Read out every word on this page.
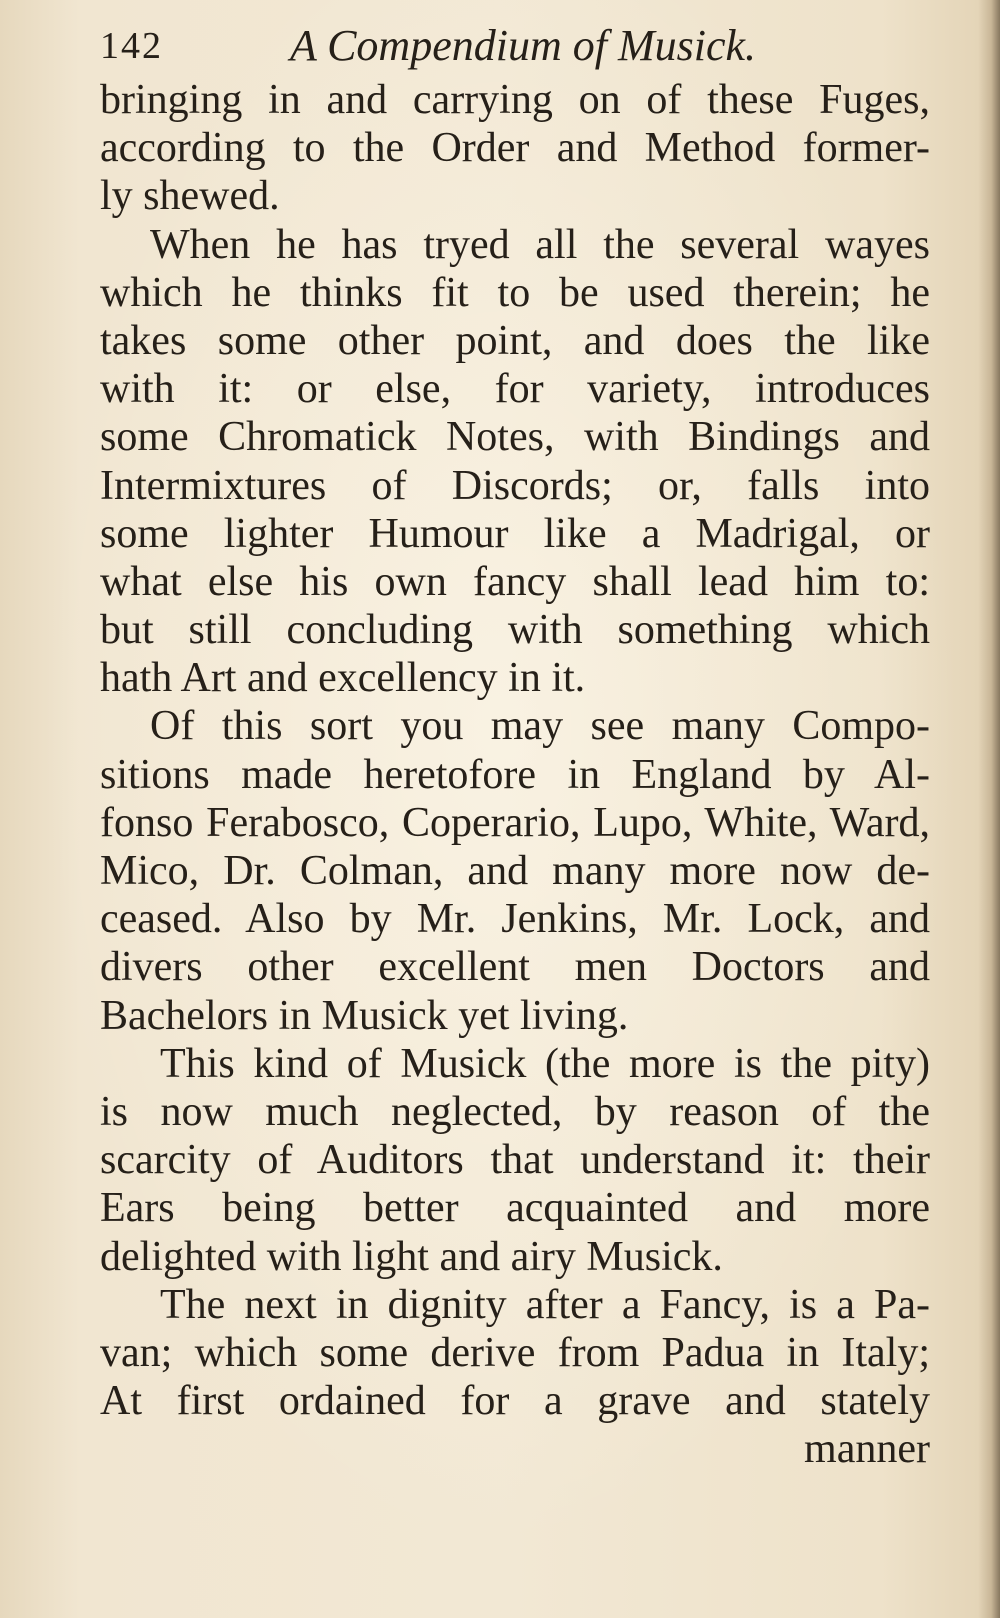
142	A Compendium of Musick.
bringing in and carrying on of these Fuges,
according to the Order and Method former-
ly shewed.
When he has tryed all the several wayes
which he thinks fit to be used therein; he
takes some other point, and does the like
with it: or else, for variety, introduces
some Chromatick Notes, with Bindings and
Intermixtures of Discords; or, falls into
some lighter Humour like a Madrigal, or
what else his own fancy shall lead him to:
but still concluding with something which
hath Art and excellency in it.
Of this sort you may see many Compo-
sitions made heretofore in England by Al-
fonso Ferabosco, Coperario, Lupo, White, Ward,
Mico, Dr. Colman, and many more now de-
ceased. Also by Mr. Jenkins, Mr. Lock, and
divers other excellent men Doctors and
Bachelors in Musick yet living.
This kind of Musick (the more is the pity)
is now much neglected, by reason of the
scarcity of Auditors that understand it: their
Ears being better acquainted and more
delighted with light and airy Musick.
The next in dignity after a Fancy, is a Pa-
van; which some derive from Padua in Italy;
At first ordained for a grave and stately
manner
